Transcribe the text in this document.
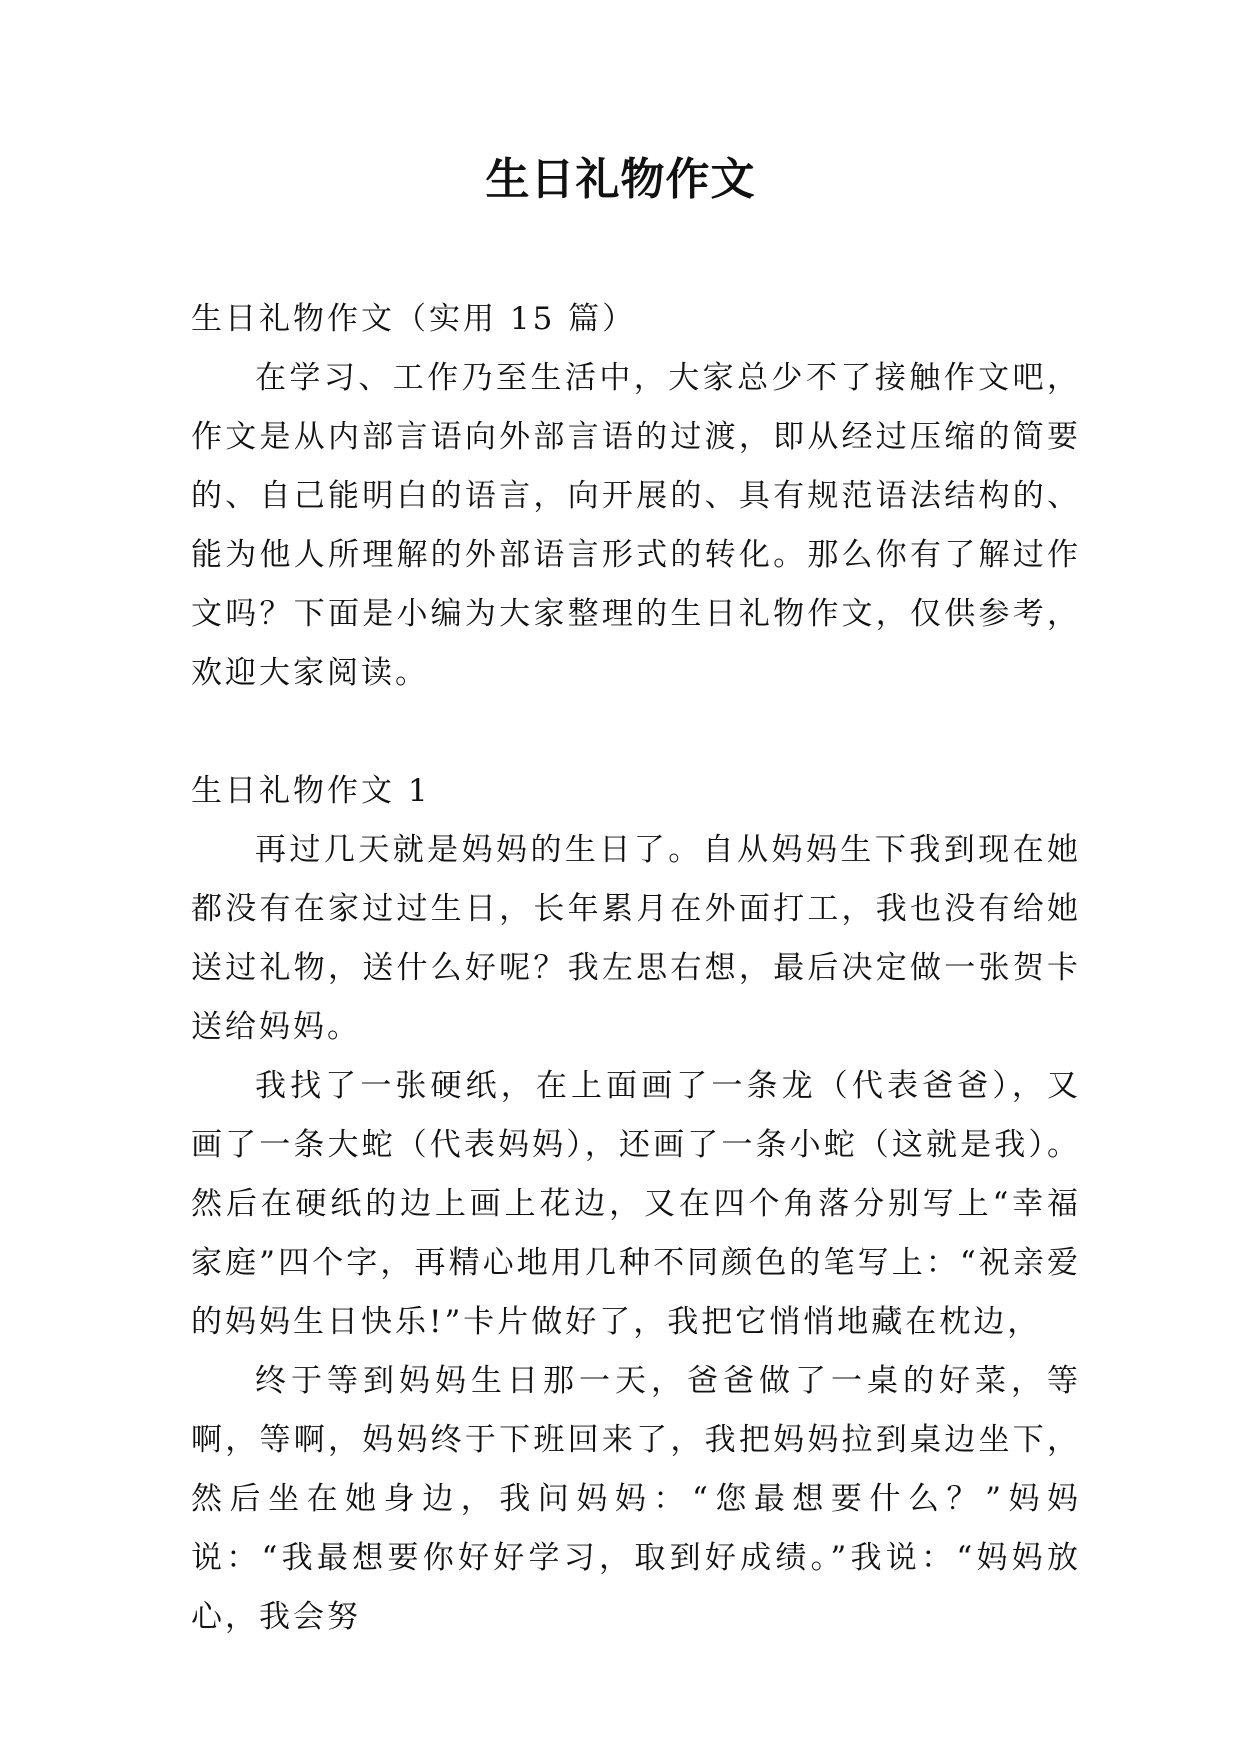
生日礼物作文

生日礼物作文（实用 15 篇）

在学习、工作乃至生活中，大家总少不了接触作文吧，作文是从内部言语向外部言语的过渡，即从经过压缩的简要的、自己能明白的语言，向开展的、具有规范语法结构的、能为他人所理解的外部语言形式的转化。那么你有了解过作文吗？下面是小编为大家整理的生日礼物作文，仅供参考，欢迎大家阅读。

生日礼物作文 1

再过几天就是妈妈的生日了。自从妈妈生下我到现在她都没有在家过过生日，长年累月在外面打工，我也没有给她送过礼物，送什么好呢？我左思右想，最后决定做一张贺卡送给妈妈。

我找了一张硬纸，在上面画了一条龙（代表爸爸），又画了一条大蛇（代表妈妈），还画了一条小蛇（这就是我）。然后在硬纸的边上画上花边，又在四个角落分别写上“幸福家庭”四个字，再精心地用几种不同颜色的笔写上：“祝亲爱的妈妈生日快乐!”卡片做好了，我把它悄悄地藏在枕边，

终于等到妈妈生日那一天，爸爸做了一桌的好菜，等啊，等啊，妈妈终于下班回来了，我把妈妈拉到桌边坐下，然后坐在她身边，我问妈妈：“您最想要什么？”妈妈说：“我最想要你好好学习，取到好成绩。”我说：“妈妈放心，我会努
